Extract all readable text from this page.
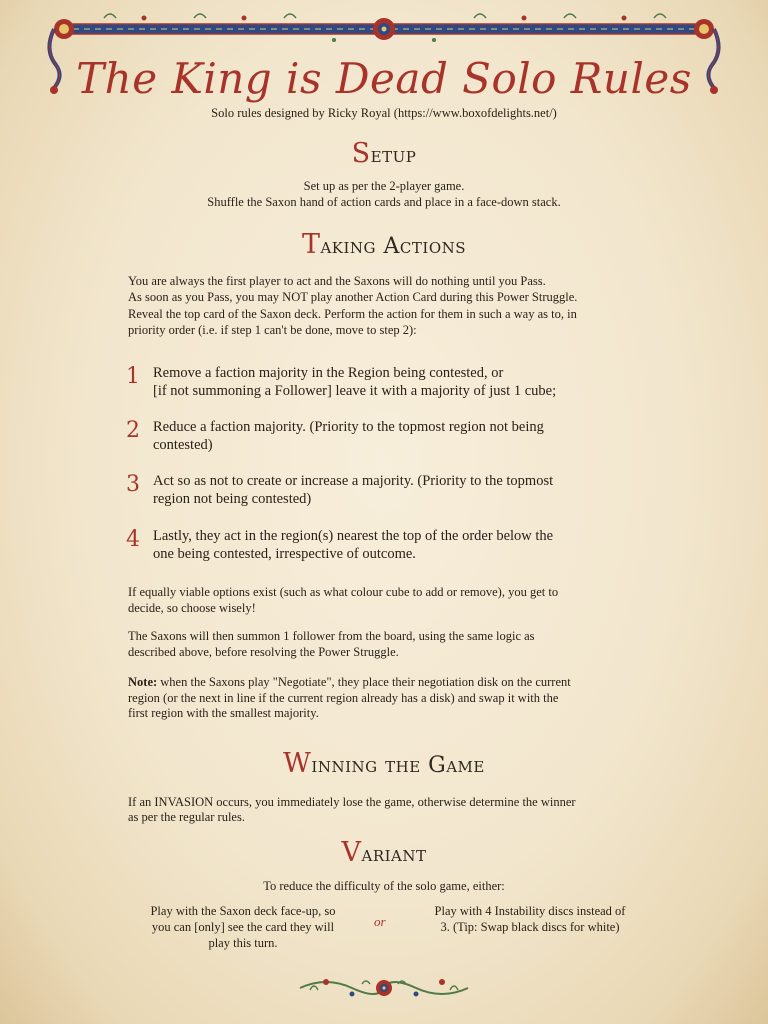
The King is Dead Solo Rules
Solo rules designed by Ricky Royal (https://www.boxofdelights.net/)
Setup
Set up as per the 2-player game.
Shuffle the Saxon hand of action cards and place in a face-down stack.
Taking Actions
You are always the first player to act and the Saxons will do nothing until you Pass.
As soon as you Pass, you may NOT play another Action Card during this Power Struggle.
Reveal the top card of the Saxon deck. Perform the action for them in such a way as to, in
priority order (i.e. if step 1 can't be done, move to step 2):
1 Remove a faction majority in the Region being contested, or
[if not summoning a Follower] leave it with a majority of just 1 cube;
2 Reduce a faction majority. (Priority to the topmost region not being
contested)
3 Act so as not to create or increase a majority. (Priority to the topmost
region not being contested)
4 Lastly, they act in the region(s) nearest the top of the order below the
one being contested, irrespective of outcome.
If equally viable options exist (such as what colour cube to add or remove), you get to
decide, so choose wisely!
The Saxons will then summon 1 follower from the board, using the same logic as
described above, before resolving the Power Struggle.
Note: when the Saxons play "Negotiate", they place their negotiation disk on the current
region (or the next in line if the current region already has a disk) and swap it with the
first region with the smallest majority.
Winning the Game
If an INVASION occurs, you immediately lose the game, otherwise determine the winner
as per the regular rules.
Variant
To reduce the difficulty of the solo game, either:
Play with the Saxon deck face-up, so
you can [only] see the card they will
play this turn.
or
Play with 4 Instability discs instead of
3. (Tip: Swap black discs for white)
